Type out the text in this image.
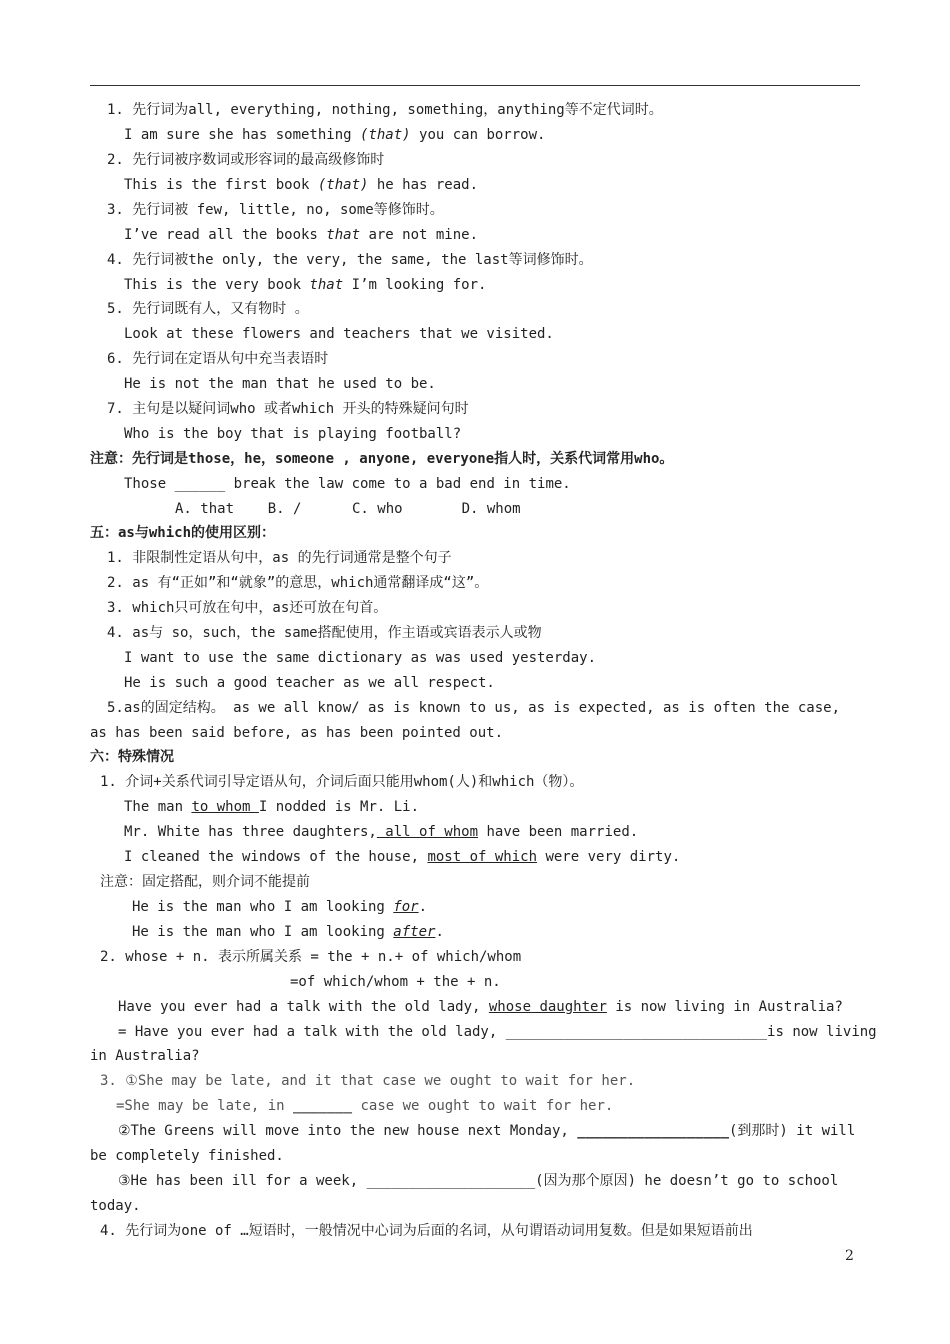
1. 先行词为all, everything, nothing, something，anything等不定代词时。
I am sure she has something (that) you can borrow.
2. 先行词被序数词或形容词的最高级修饰时
This is the first book (that) he has read.
3. 先行词被 few, little, no, some等修饰时。
I’ve read all the books that are not mine.
4. 先行词被the only, the very, the same, the last等词修饰时。
This is the very book that I’m looking for.
5. 先行词既有人，又有物时 。
Look at these flowers and teachers that we visited.
6. 先行词在定语从句中充当表语时
He is not the man that he used to be.
7. 主句是以疑问词who 或者which 开头的特殊疑问句时
Who is the boy that is playing football?
注意：先行词是those，he，someone , anyone, everyone指人时，关系代词常用who。
Those ______ break the law come to a bad end in time.
A. that    B. /      C. who       D. whom
五：as与which的使用区别：
1. 非限制性定语从句中，as 的先行词通常是整个句子
2. as 有“正如”和“就象”的意思，which通常翻译成“这”。
3. which只可放在句中，as还可放在句首。
4. as与 so，such，the same搭配使用，作主语或宾语表示人或物
I want to use the same dictionary as was used yesterday.
He is such a good teacher as we all respect.
5.as的固定结构。 as we all know/ as is known to us, as is expected, as is often the case,
as has been said before, as has been pointed out.
六：特殊情况
1. 介词+关系代词引导定语从句，介词后面只能用whom(人)和which（物）。
The man to whom I nodded is Mr. Li.
Mr. White has three daughters, all of whom have been married.
I cleaned the windows of the house, most of which were very dirty.
注意：固定搭配，则介词不能提前
He is the man who I am looking for.
He is the man who I am looking after.
2. whose + n. 表示所属关系 = the + n.+ of which/whom
=of which/whom + the + n.
Have you ever had a talk with the old lady, whose daughter is now living in Australia?
= Have you ever had a talk with the old lady, _______________________________is now living
in Australia?
3. ①She may be late, and it that case we ought to wait for her.
=She may be late, in _______ case we ought to wait for her.
②The Greens will move into the new house next Monday, __________________(到那时) it will
be completely finished.
③He has been ill for a week, ____________________(因为那个原因) he doesn’t go to school
today.
4. 先行词为one of …短语时，一般情况中心词为后面的名词，从句谓语动词用复数。但是如果短语前出
2
